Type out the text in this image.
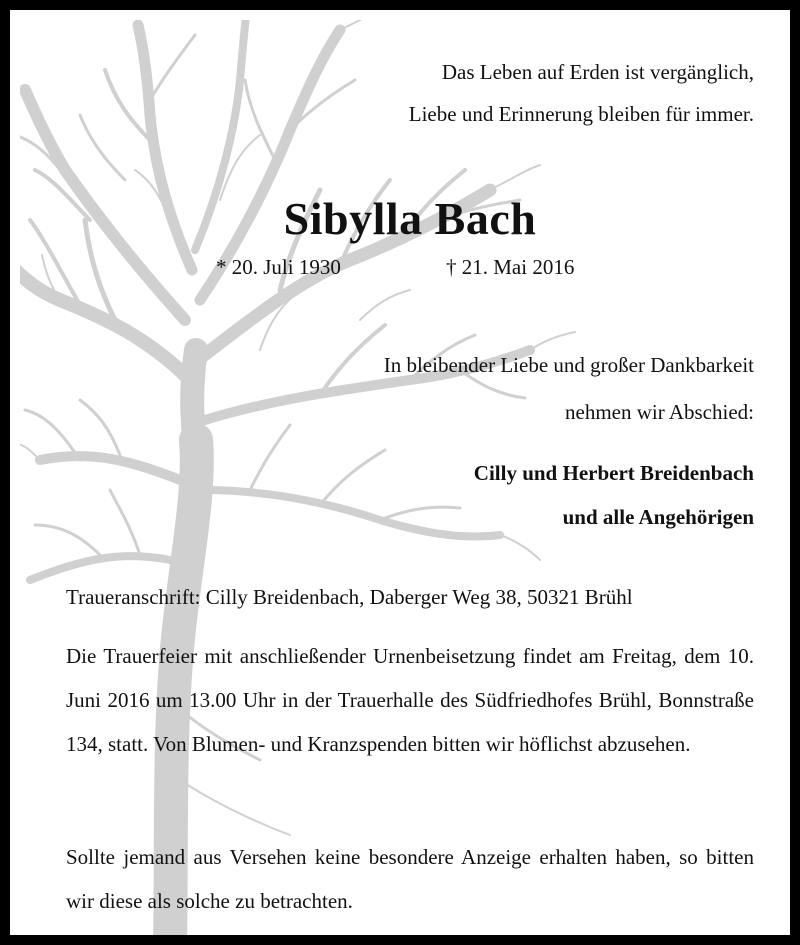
Das Leben auf Erden ist vergänglich,
Liebe und Erinnerung bleiben für immer.
Sibylla Bach
* 20. Juli 1930	† 21. Mai 2016
In bleibender Liebe und großer Dankbarkeit
nehmen wir Abschied:
Cilly und Herbert Breidenbach
und alle Angehörigen
Traueranschrift: Cilly Breidenbach, Daberger Weg 38, 50321 Brühl
Die Trauerfeier mit anschließender Urnenbeisetzung findet am Freitag, dem 10. Juni 2016 um 13.00 Uhr in der Trauerhalle des Südfriedhofes Brühl, Bonnstraße 134, statt. Von Blumen- und Kranzspenden bitten wir höflichst abzusehen.
Sollte jemand aus Versehen keine besondere Anzeige erhalten haben, so bitten wir diese als solche zu betrachten.
